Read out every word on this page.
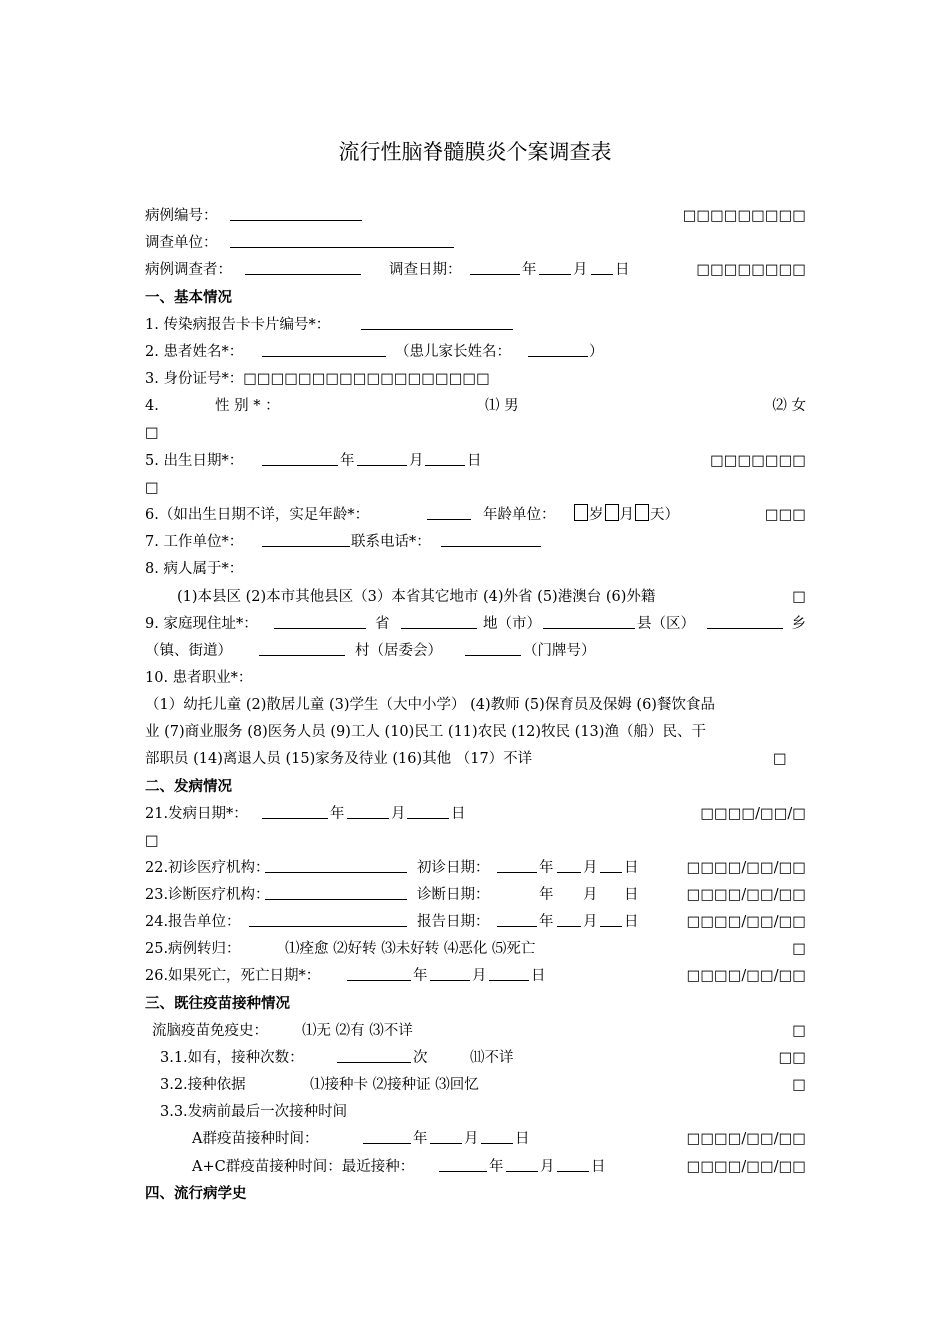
流行性脑脊髓膜炎个案调查表
病例编号：	□□□□□□□□□
调查单位：
病例调查者：	调查日期：	年	月 日	□□□□□□□□
一、基本情况
1. 传染病报告卡卡片编号*：
2. 患者姓名*：	（患儿家长姓名：	）
3. 身份证号*：□□□□□□□□□□□□□□□□□□
4.	性 别 * ：	⑴ 男	⑵ 女
□
5. 出生日期*：	年	月	日	□□□□□□□
□
6.（如出生日期不详，实足年龄*：	年龄单位：	岁 月 天）	□□□
7. 工作单位*：	联系电话*：
8. 病人属于*：
(1)本县区 (2)本市其他县区（3）本省其它地市 (4)外省 (5)港澳台 (6)外籍	□
9. 家庭现住址*：	省	地（市）	县（区）	乡
（镇、街道）	村（居委会）	（门牌号）
10. 患者职业*：
（1）幼托儿童 (2)散居儿童 (3)学生（大中小学） (4)教师 (5)保育员及保姆 (6)餐饮食品
业 (7)商业服务 (8)医务人员 (9)工人 (10)民工 (11)农民 (12)牧民 (13)渔（船）民、干
部职员 (14)离退人员 (15)家务及待业 (16)其他 （17）不详	□
二、发病情况
21.发病日期*：	年	月	日	□□□□/□□/□
□
22.初诊医疗机构：	初诊日期：	年 月 日	□□□□/□□/□□
23.诊断医疗机构：	诊断日期：	年 月 日	□□□□/□□/□□
24.报告单位：	报告日期：	年 月 日	□□□□/□□/□□
25.病例转归：	⑴痊愈 ⑵好转 ⑶未好转 ⑷恶化 ⑸死亡	□
26.如果死亡，死亡日期*：	年	月	日	□□□□/□□/□□
三、既往疫苗接种情况
流脑疫苗免疫史： ⑴无 ⑵有 ⑶不详	□
3.1.如有，接种次数：	次	⑾不详	□□
3.2.接种依据	⑴接种卡 ⑵接种证 ⑶回忆	□
3.3.发病前最后一次接种时间
A群疫苗接种时间：	年	月	日	□□□□/□□/□□
A+C群疫苗接种时间：最近接种：	年	月	日	□□□□/□□/□□
四、流行病学史
